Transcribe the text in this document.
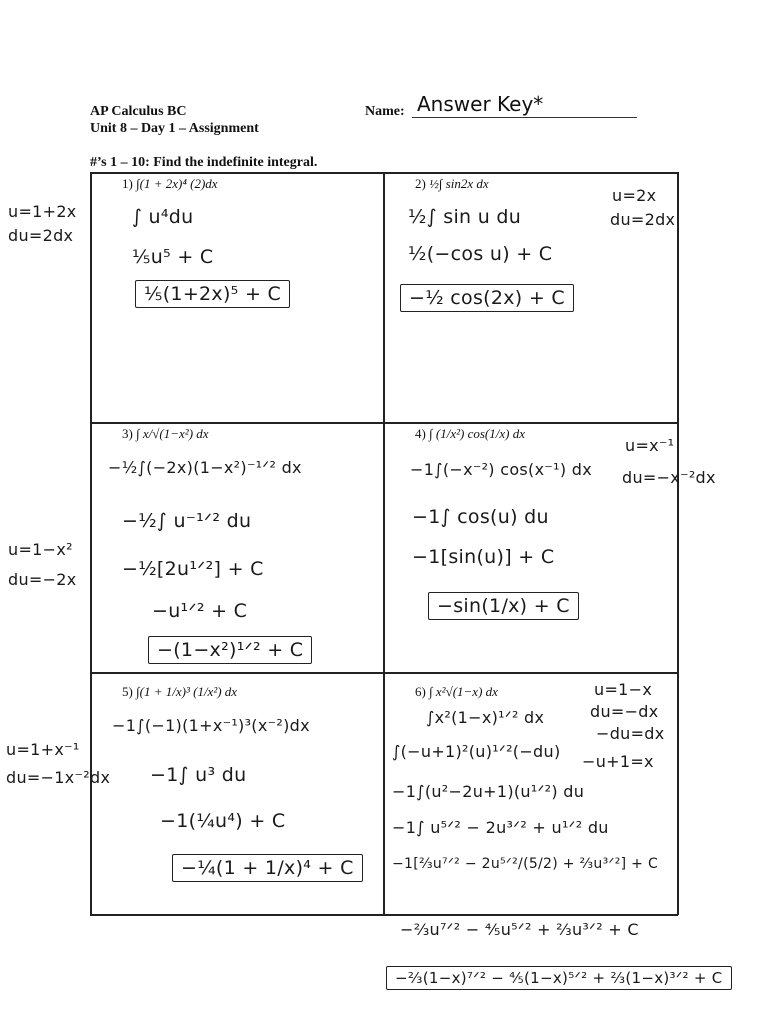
AP Calculus BC
Unit 8 – Day 1 – Assignment
Name: Answer Key*
#’s 1 – 10: Find the indefinite integral.
1) ∫(1 + 2x)⁴ (2)dx
u=1+2x
du=2dx
∫ u⁴du
⅕u⁵ + C
⅕(1+2x)⁵ + C
2) ½∫ sin2x dx
u=2x
du=2dx
½∫ sin u du
½(−cos u) + C
−½ cos(2x) + C
3) ∫ x/√(1−x²) dx
u=1−x²
du=−2x
−½∫(−2x)(1−x²)⁻¹ᐟ² dx
−½∫ u⁻¹ᐟ² du
−½[2u¹ᐟ²] + C
−u¹ᐟ² + C
−(1−x²)¹ᐟ² + C
4) ∫ (1/x²) cos(1/x) dx
u=x⁻¹
du=−x⁻²dx
−1∫(−x⁻²) cos(x⁻¹) dx
−1∫ cos(u) du
−1[sin(u)] + C
−sin(1/x) + C
5) ∫(1 + 1/x)³ (1/x²) dx
u=1+x⁻¹
du=−1x⁻²dx
−1∫(−1)(1+x⁻¹)³(x⁻²)dx
−1∫ u³ du
−1(¼u⁴) + C
−¼(1 + 1/x)⁴ + C
6) ∫ x²√(1−x) dx	u=1−x
du=−dx
−du=dx
−u+1=x
∫x²(1−x)¹ᐟ² dx
∫(−u+1)²(u)¹ᐟ²(−du)
−1∫(u²−2u+1)(u¹ᐟ²) du
−1∫ u⁵ᐟ² − 2u³ᐟ² + u¹ᐟ² du
−1[⅔u⁷ᐟ² − 2u⁵ᐟ²/(5/2) + ⅔u³ᐟ²] + C
−⅔u⁷ᐟ² − ⅘u⁵ᐟ² + ⅔u³ᐟ² + C
−⅔(1−x)⁷ᐟ² − ⅘(1−x)⁵ᐟ² + ⅔(1−x)³ᐟ² + C
